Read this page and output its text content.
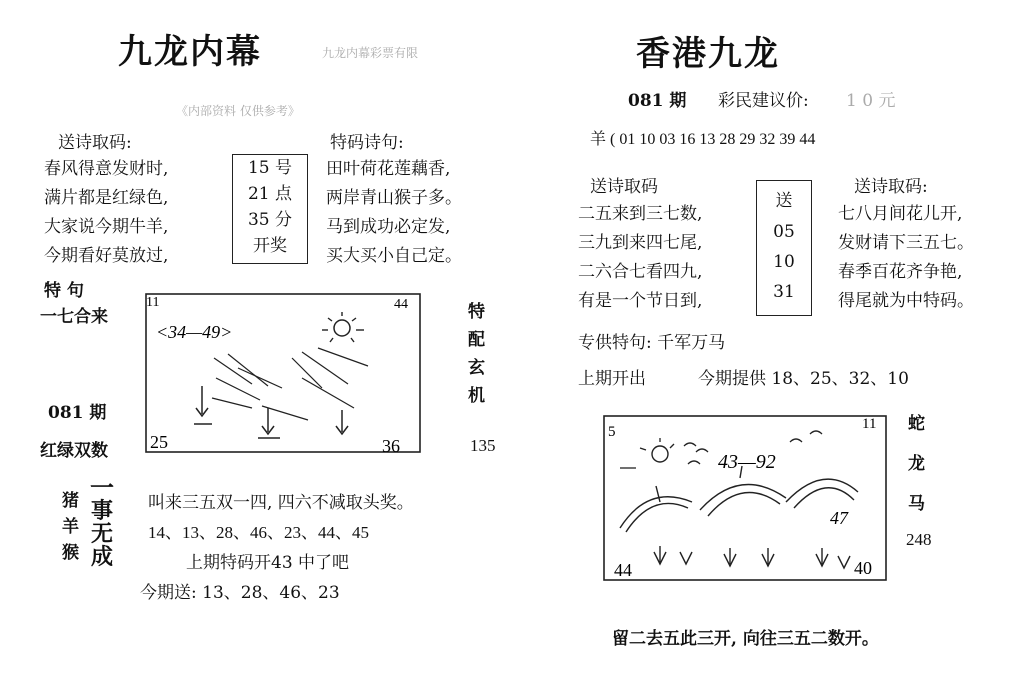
九龙内幕	九龙内幕彩票有限
《内部资料 仅供参考》
送诗取码:	特码诗句:
春风得意发财时,
满片都是红绿色,
大家说今期牛羊,
今期看好莫放过,
15 号
21 点
35 分
开奖
田叶荷花莲藕香,
两岸青山猴子多。
马到成功必定发,
买大买小自己定。
特 句
一七合来
081 期
红绿双数
11	44
<34—49>
25	36
特
配
玄
机
135
猪
羊
猴
一
事
无
成
叫来三五双一四, 四六不减取头奖。
14、13、28、46、23、44、45
上期特码开43 中了吧
今期送: 13、28、46、23
香港九龙
081 期 彩民建议价: 1 0 元
羊 ( 01 10 03 16 13 28 29 32 39 44
送诗取码	送诗取码:
二五来到三七数,
三九到来四七尾,
二六合七看四九,
有是一个节日到,
送
05
10
31
七八月间花儿开,
发财请下三五七。
春季百花齐争艳,
得尾就为中特码。
专供特句: 千军万马
上期开出	今期提供 18、25、32、10
5	11
43—92
47
44	40
蛇
龙
马
248
留二去五此三开, 向往三五二数开。
